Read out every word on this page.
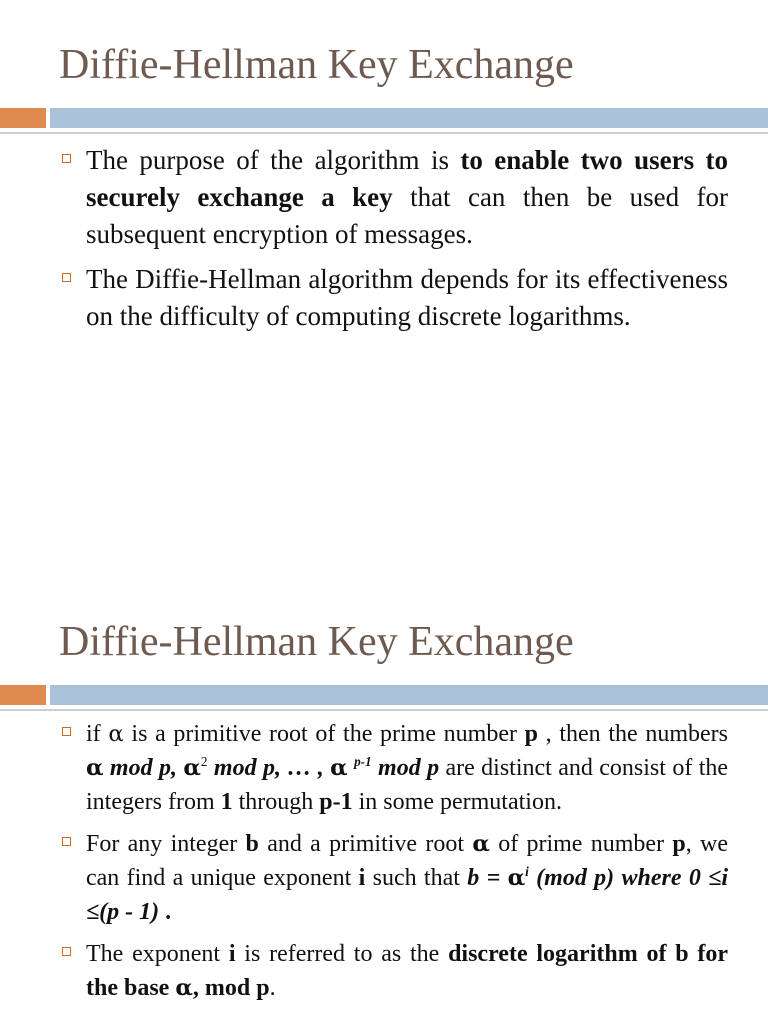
Diffie-Hellman Key Exchange
The purpose of the algorithm is to enable two users to securely exchange a key that can then be used for subsequent encryption of messages.
The Diffie-Hellman algorithm depends for its effectiveness on the difficulty of computing discrete logarithms.
Diffie-Hellman Key Exchange
if α is a primitive root of the prime number p , then the numbers α mod p, $\alpha^2$ mod p, … , α $^{p-1}$ mod p are distinct and consist of the integers from 1 through p-1 in some permutation.
For any integer b and a primitive root α of prime number p, we can find a unique exponent i such that $b = \alpha^i$ (mod p) where 0 ≤i ≤(p - 1) .
The exponent i is referred to as the discrete logarithm of b for the base α, mod p.
